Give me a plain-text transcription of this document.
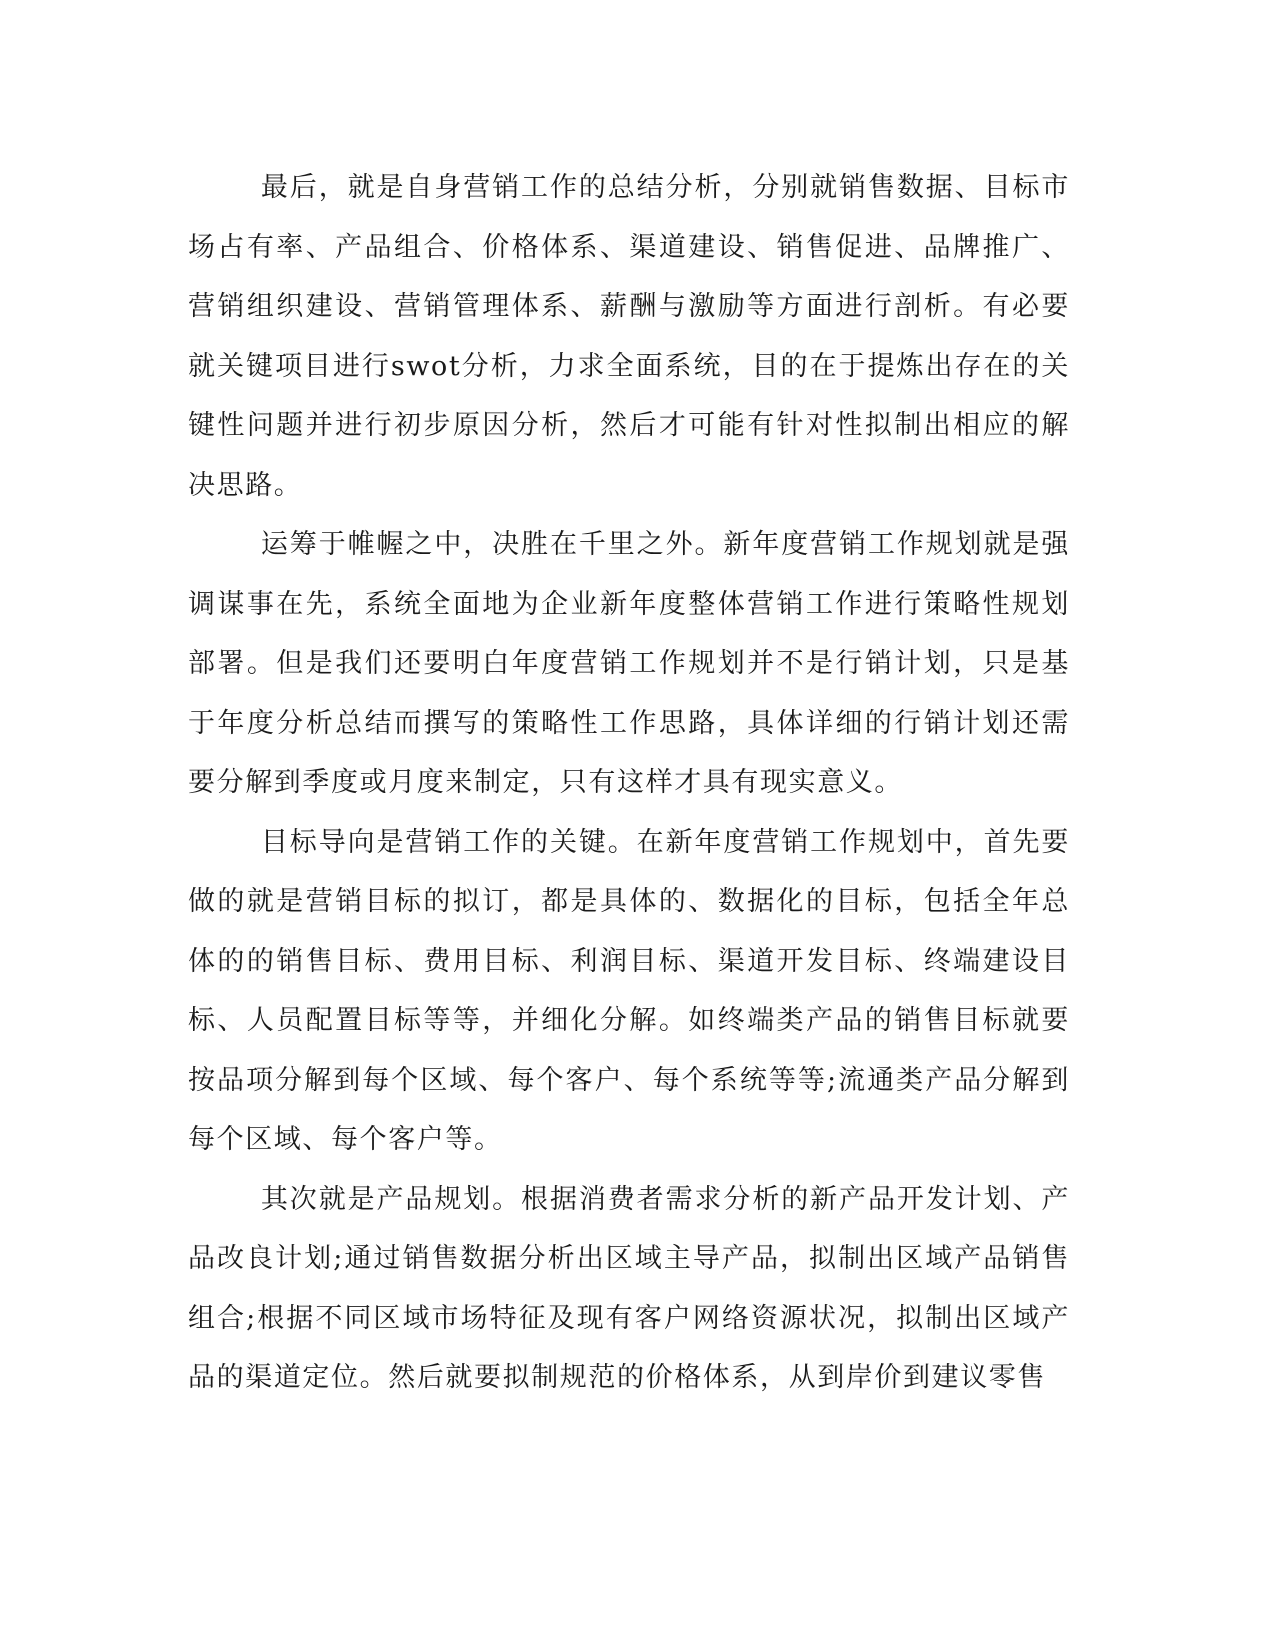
最后，就是自身营销工作的总结分析，分别就销售数据、目标市场占有率、产品组合、价格体系、渠道建设、销售促进、品牌推广、营销组织建设、营销管理体系、薪酬与激励等方面进行剖析。有必要就关键项目进行swot分析，力求全面系统，目的在于提炼出存在的关键性问题并进行初步原因分析，然后才可能有针对性拟制出相应的解决思路。

运筹于帷幄之中，决胜在千里之外。新年度营销工作规划就是强调谋事在先，系统全面地为企业新年度整体营销工作进行策略性规划部署。但是我们还要明白年度营销工作规划并不是行销计划，只是基于年度分析总结而撰写的策略性工作思路，具体详细的行销计划还需要分解到季度或月度来制定，只有这样才具有现实意义。

目标导向是营销工作的关键。在新年度营销工作规划中，首先要做的就是营销目标的拟订，都是具体的、数据化的目标，包括全年总体的的销售目标、费用目标、利润目标、渠道开发目标、终端建设目标、人员配置目标等等，并细化分解。如终端类产品的销售目标就要按品项分解到每个区域、每个客户、每个系统等等;流通类产品分解到每个区域、每个客户等。

其次就是产品规划。根据消费者需求分析的新产品开发计划、产品改良计划;通过销售数据分析出区域主导产品，拟制出区域产品销售组合;根据不同区域市场特征及现有客户网络资源状况，拟制出区域产品的渠道定位。然后就要拟制规范的价格体系，从到岸价到建议零售
